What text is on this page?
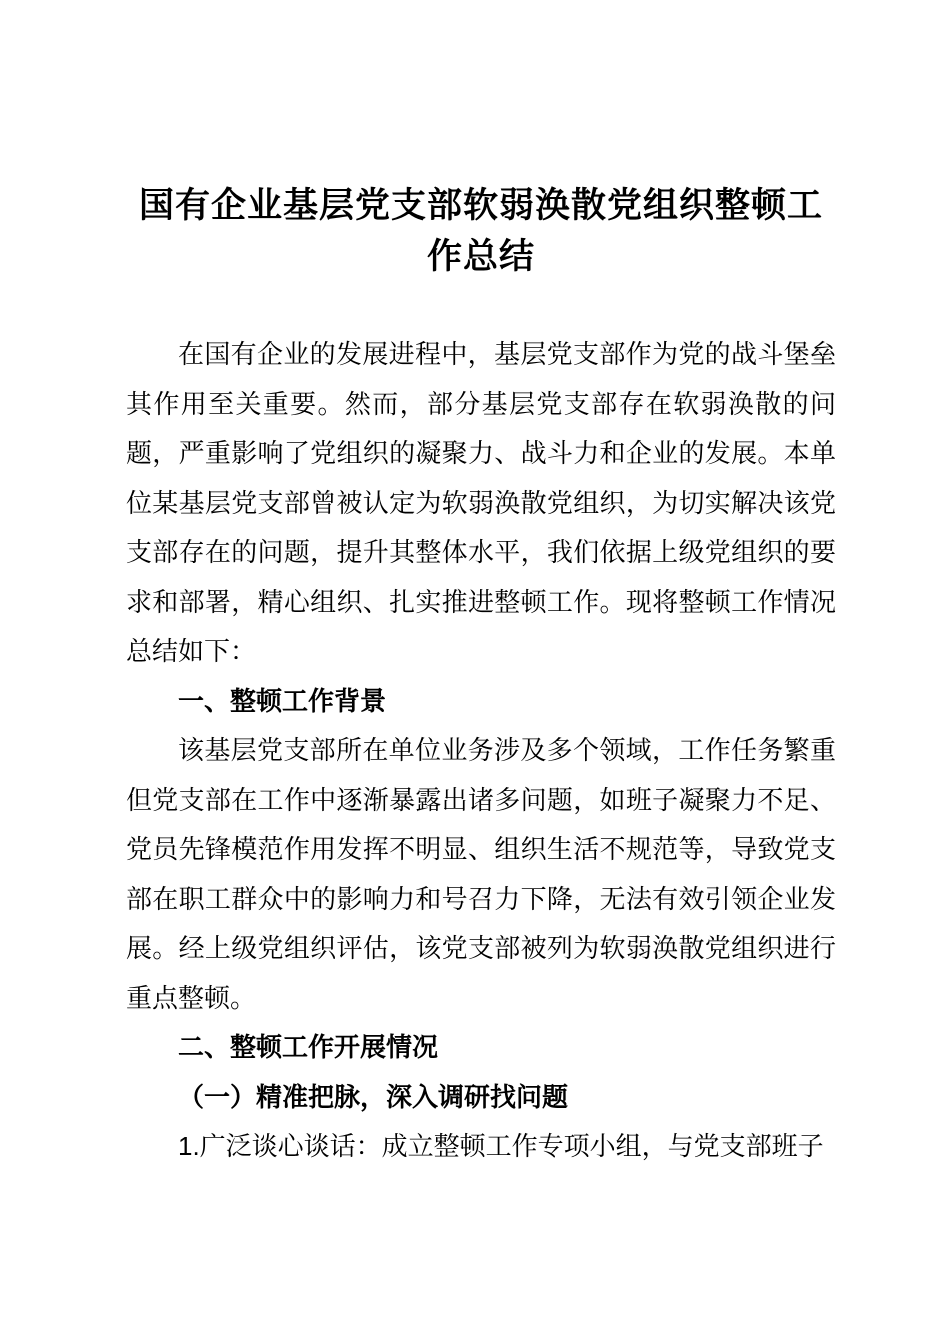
国有企业基层党支部软弱涣散党组织整顿工作总结

在国有企业的发展进程中，基层党支部作为党的战斗堡垒其作用至关重要。然而，部分基层党支部存在软弱涣散的问题，严重影响了党组织的凝聚力、战斗力和企业的发展。本单位某基层党支部曾被认定为软弱涣散党组织，为切实解决该党支部存在的问题，提升其整体水平，我们依据上级党组织的要求和部署，精心组织、扎实推进整顿工作。现将整顿工作情况总结如下：

一、整顿工作背景

该基层党支部所在单位业务涉及多个领域，工作任务繁重但党支部在工作中逐渐暴露出诸多问题，如班子凝聚力不足、党员先锋模范作用发挥不明显、组织生活不规范等，导致党支部在职工群众中的影响力和号召力下降，无法有效引领企业发展。经上级党组织评估，该党支部被列为软弱涣散党组织进行重点整顿。

二、整顿工作开展情况

（一）精准把脉，深入调研找问题

1.广泛谈心谈话：成立整顿工作专项小组，与党支部班子
